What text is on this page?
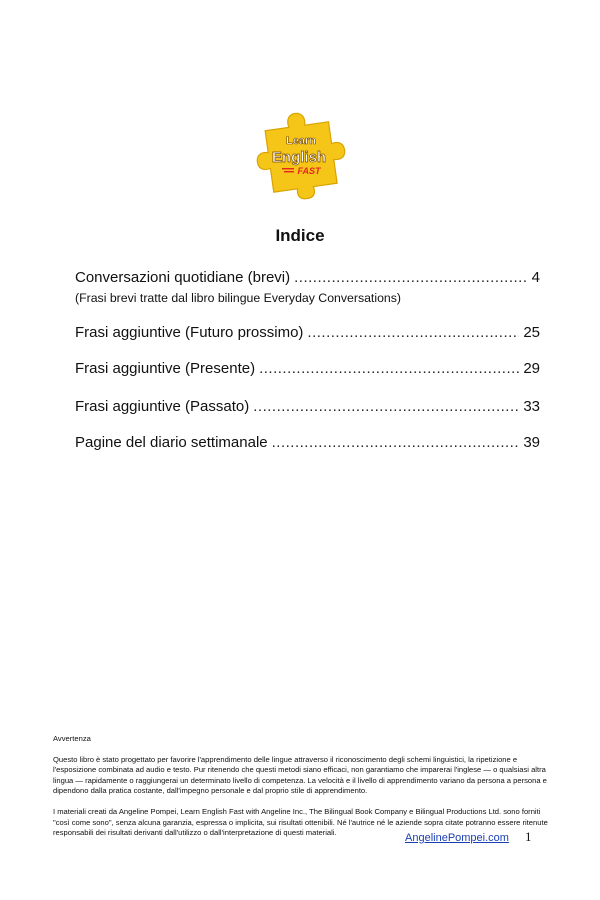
Learn
English
FAST
Indice
Conversazioni quotidiane (brevi) .....	4
(Frasi brevi tratte dal libro bilingue Everyday Conversations)
Frasi aggiuntive (Futuro prossimo) .....	25
Frasi aggiuntive (Presente) .....	29
Frasi aggiuntive (Passato) .....	33
Pagine del diario settimanale .....	39

Avvertenza

Questo libro è stato progettato per favorire l'apprendimento delle lingue attraverso il riconoscimento degli schemi linguistici, la ripetizione e l'esposizione combinata ad audio e testo. Pur ritenendo che questi metodi siano efficaci, non garantiamo che imparerai l'inglese — o qualsiasi altra lingua — rapidamente o raggiungerai un determinato livello di competenza. La velocità e il livello di apprendimento variano da persona a persona e dipendono dalla pratica costante, dall'impegno personale e dal proprio stile di apprendimento.

I materiali creati da Angeline Pompei, Learn English Fast with Angeline Inc., The Bilingual Book Company e Bilingual Productions Ltd. sono forniti "così come sono", senza alcuna garanzia, espressa o implicita, sui risultati ottenibili. Né l'autrice né le aziende sopra citate potranno essere ritenute responsabili dei risultati derivanti dall'utilizzo o dall'interpretazione di questi materiali.	AngelinePompei.com 1
